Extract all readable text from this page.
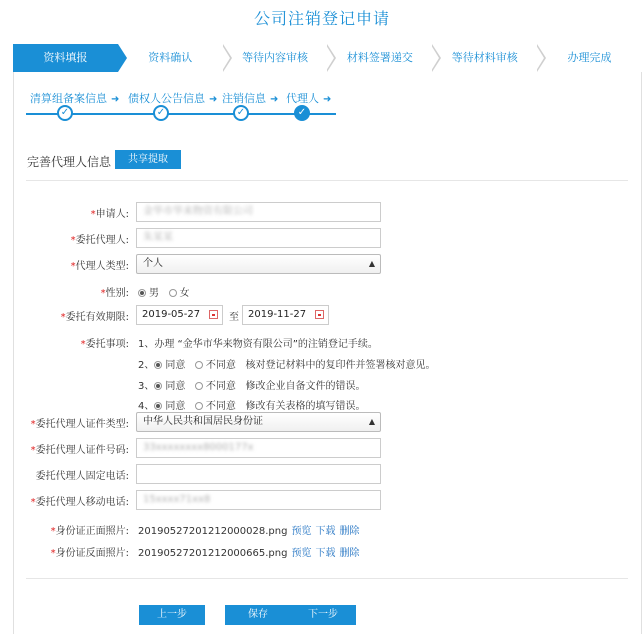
公司注销登记申请
资料填报	资料确认	等待内容审核	材料签署递交	等待材料审核	办理完成
清算组备案信息 ➜ 债权人公告信息 ➜ 注销信息 ➜ 代理人 ➜
✓	✓	✓	✓
完善代理人信息	共享提取
*申请人:	金华市华来物资有限公司
*委托代理人:	朱某某
*代理人类型:	个人	▲

*性别:	男 女
*委托有效期限:	2019-05-27	至 2019-11-27
*委托事项: 1、办理 “金华市华来物资有限公司”的注销登记手续。
2、 同意 不同意 核对登记材料中的复印件并签署核对意见。
3、 同意 不同意 修改企业自备文件的错误。
4、 同意 不同意 修改有关表格的填写错误。
*委托代理人证件类型:	中华人民共和国居民身份证	▲
*委托代理人证件号码:	33xxxxxxxx8000177x
委托代理人固定电话:
*委托代理人移动电话:	15xxxx71xx8
*身份证正面照片: 20190527201212000028.png 预览 下载 删除
*身份证反面照片: 20190527201212000665.png 预览 下载 删除
上一步	保存	下一步
